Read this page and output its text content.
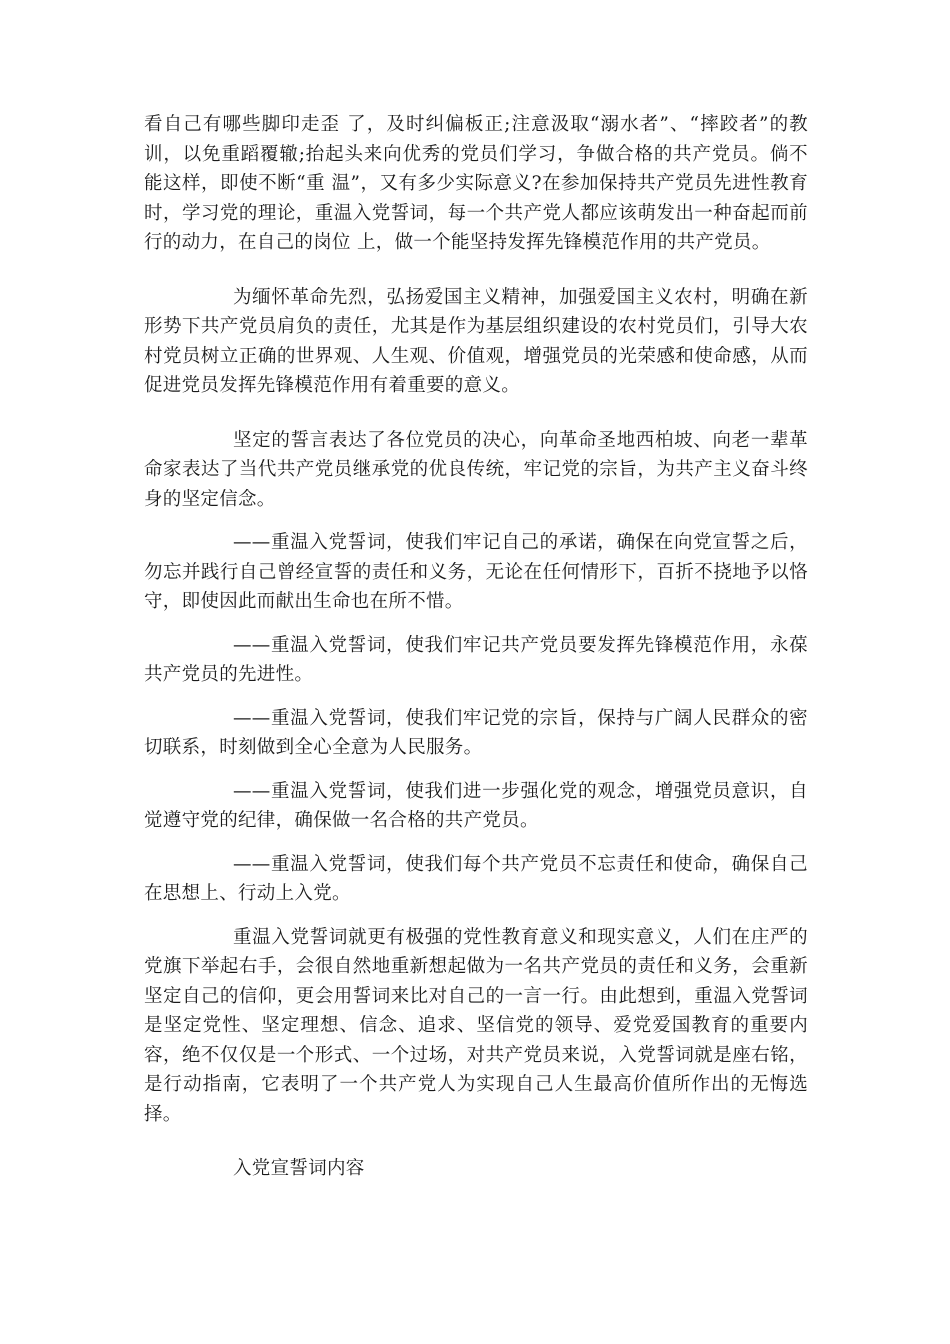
看自己有哪些脚印走歪 了，及时纠偏板正;注意汲取“溺水者”、“摔跤者”的教训，以免重蹈覆辙;抬起头来向优秀的党员们学习，争做合格的共产党员。倘不能这样，即使不断“重 温”，又有多少实际意义?在参加保持共产党员先进性教育时，学习党的理论，重温入党誓词，每一个共产党人都应该萌发出一种奋起而前行的动力，在自己的岗位 上，做一个能坚持发挥先锋模范作用的共产党员。

为缅怀革命先烈，弘扬爱国主义精神，加强爱国主义农村，明确在新形势下共产党员肩负的责任，尤其是作为基层组织建设的农村党员们，引导大农村党员树立正确的世界观、人生观、价值观，增强党员的光荣感和使命感，从而促进党员发挥先锋模范作用有着重要的意义。

坚定的誓言表达了各位党员的决心，向革命圣地西柏坡、向老一辈革命家表达了当代共产党员继承党的优良传统，牢记党的宗旨，为共产主义奋斗终身的坚定信念。

——重温入党誓词，使我们牢记自己的承诺，确保在向党宣誓之后，勿忘并践行自己曾经宣誓的责任和义务，无论在任何情形下，百折不挠地予以恪守，即使因此而献出生命也在所不惜。

——重温入党誓词，使我们牢记共产党员要发挥先锋模范作用，永葆共产党员的先进性。

——重温入党誓词，使我们牢记党的宗旨，保持与广阔人民群众的密切联系，时刻做到全心全意为人民服务。

——重温入党誓词，使我们进一步强化党的观念，增强党员意识，自觉遵守党的纪律，确保做一名合格的共产党员。

——重温入党誓词，使我们每个共产党员不忘责任和使命，确保自己在思想上、行动上入党。

重温入党誓词就更有极强的党性教育意义和现实意义，人们在庄严的党旗下举起右手，会很自然地重新想起做为一名共产党员的责任和义务，会重新坚定自己的信仰，更会用誓词来比对自己的一言一行。由此想到，重温入党誓词是坚定党性、坚定理想、信念、追求、坚信党的领导、爱党爱国教育的重要内容，绝不仅仅是一个形式、一个过场，对共产党员来说，入党誓词就是座右铭，是行动指南，它表明了一个共产党人为实现自己人生最高价值所作出的无悔选择。

入党宣誓词内容
